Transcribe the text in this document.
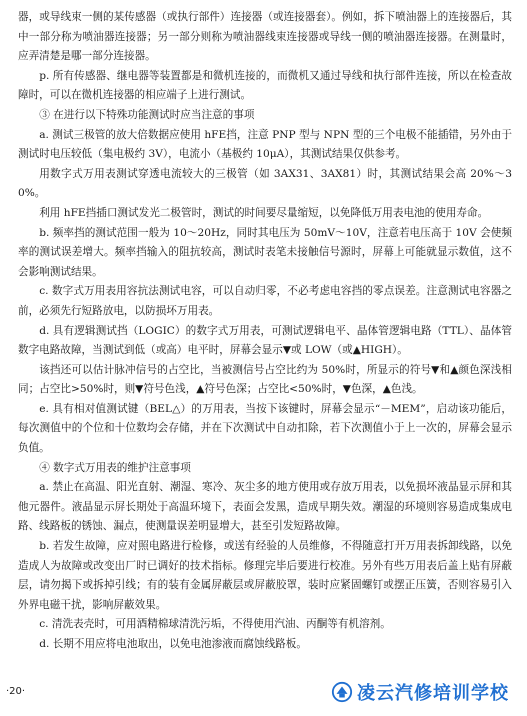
器，或导线束一侧的某传感器（或执行部件）连接器（或连接器套）。例如，拆下喷油器上的连接器后，其中一部分称为喷油器连接器；另一部分则称为喷油器线束连接器或导线一侧的喷油器连接器。在测量时，应弄清楚是哪一部分连接器。

p. 所有传感器、继电器等装置都是和微机连接的，而微机又通过导线和执行部件连接，所以在检查故障时，可以在微机连接器的相应端子上进行测试。

③ 在进行以下特殊功能测试时应当注意的事项

a. 测试三极管的放大倍数据应使用 hFE挡，注意 PNP 型与 NPN 型的三个电极不能插错，另外由于测试时电压较低（集电极约 3V），电流小（基极约 10μA），其测试结果仅供参考。

用数字式万用表测试穿透电流较大的三极管（如 3AX31、3AX81）时，其测试结果会高 20%～30%。

利用 hFE挡插口测试发光二极管时，测试的时间要尽量缩短，以免降低万用表电池的使用寿命。

b. 频率挡的测试范围一般为 10～20Hz，同时其电压为 50mV～10V，注意若电压高于 10V 会使频率的测试误差增大。频率挡输入的阻抗较高，测试时表笔未接触信号源时，屏幕上可能就显示数值，这不会影响测试结果。

c. 数字式万用表用容抗法测试电容，可以自动归零，不必考虑电容挡的零点误差。注意测试电容器之前，必须先行短路放电，以防损坏万用表。

d. 具有逻辑测试挡（LOGIC）的数字式万用表，可测试逻辑电平、晶体管逻辑电路（TTL）、晶体管数字电路故障，当测试到低（或高）电平时，屏幕会显示▼或 LOW（或▲HIGH）。

该挡还可以估计脉冲信号的占空比，当被测信号占空比约为 50%时，所显示的符号▼和▲颜色深浅相同；占空比>50%时，则▼符号色浅，▲符号色深；占空比<50%时，▼色深，▲色浅。

e. 具有相对值测试键（BEL△）的万用表，当按下该键时，屏幕会显示“－MEM”，启动该功能后，每次测值中的个位和十位数均会存储，并在下次测试中自动扣除，若下次测值小于上一次的，屏幕会显示负值。

④ 数字式万用表的维护注意事项

a. 禁止在高温、阳光直射、潮湿、寒冷、灰尘多的地方使用或存放万用表，以免损坏液晶显示屏和其他元器件。液晶显示屏长期处于高温环境下，表面会发黑，造成早期失效。潮湿的环境则容易造成集成电路、线路板的锈蚀、漏点，使测量误差明显增大，甚至引发短路故障。

b. 若发生故障，应对照电路进行检修，或送有经验的人员维修，不得随意打开万用表拆卸线路，以免造成人为故障或改变出厂时已调好的技术指标。修理完毕后要进行校准。另外有些万用表后盖上贴有屏蔽层，请勿揭下或拆掉引线；有的装有金属屏蔽层或屏蔽胶罩，装时应紧固螺钉或摆正压簧，否则容易引入外界电磁干扰，影响屏蔽效果。

c. 清洗表壳时，可用酒精棉球清洗污垢，不得使用汽油、丙酮等有机溶剂。

d. 长期不用应将电池取出，以免电池渗液而腐蚀线路板。

·20·	凌云汽修培训学校
